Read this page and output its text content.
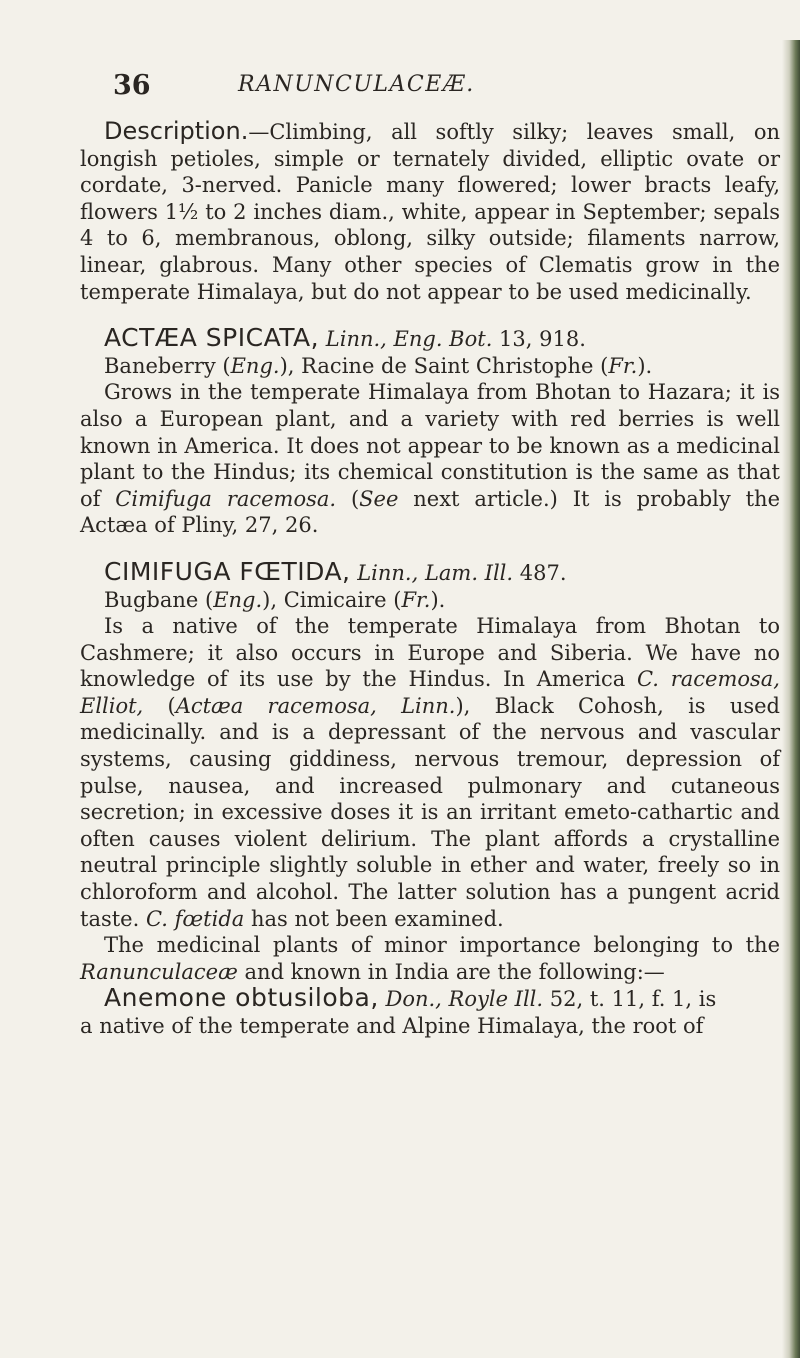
36	RANUNCULACEÆ.

Description.—Climbing, all softly silky; leaves small, on longish petioles, simple or ternately divided, elliptic ovate or cordate, 3-nerved. Panicle many flowered; lower bracts leafy, flowers 1½ to 2 inches diam., white, appear in September; sepals 4 to 6, membranous, oblong, silky outside; filaments narrow, linear, glabrous. Many other species of Clematis grow in the temperate Himalaya, but do not appear to be used medicinally.

ACTÆA SPICATA, Linn., Eng. Bot. 13, 918.

Baneberry (Eng.), Racine de Saint Christophe (Fr.).

Grows in the temperate Himalaya from Bhotan to Hazara; it is also a European plant, and a variety with red berries is well known in America. It does not appear to be known as a medicinal plant to the Hindus; its chemical constitution is the same as that of Cimifuga racemosa. (See next article.) It is probably the Actæa of Pliny, 27, 26.

CIMIFUGA FŒTIDA, Linn., Lam. Ill. 487.

Bugbane (Eng.), Cimicaire (Fr.).

Is a native of the temperate Himalaya from Bhotan to Cashmere; it also occurs in Europe and Siberia. We have no knowledge of its use by the Hindus. In America C. racemosa, Elliot, (Actæa racemosa, Linn.), Black Cohosh, is used medicinally. and is a depressant of the nervous and vascular systems, causing giddiness, nervous tremour, depression of pulse, nausea, and increased pulmonary and cutaneous secretion; in excessive doses it is an irritant emeto-cathartic and often causes violent delirium. The plant affords a crystalline neutral principle slightly soluble in ether and water, freely so in chloroform and alcohol. The latter solution has a pungent acrid taste. C. fœtida has not been examined.

The medicinal plants of minor importance belonging to the Ranunculaceæ and known in India are the following:—

Anemone obtusiloba, Don., Royle Ill. 52, t. 11, f. 1, is

a native of the temperate and Alpine Himalaya, the root of
